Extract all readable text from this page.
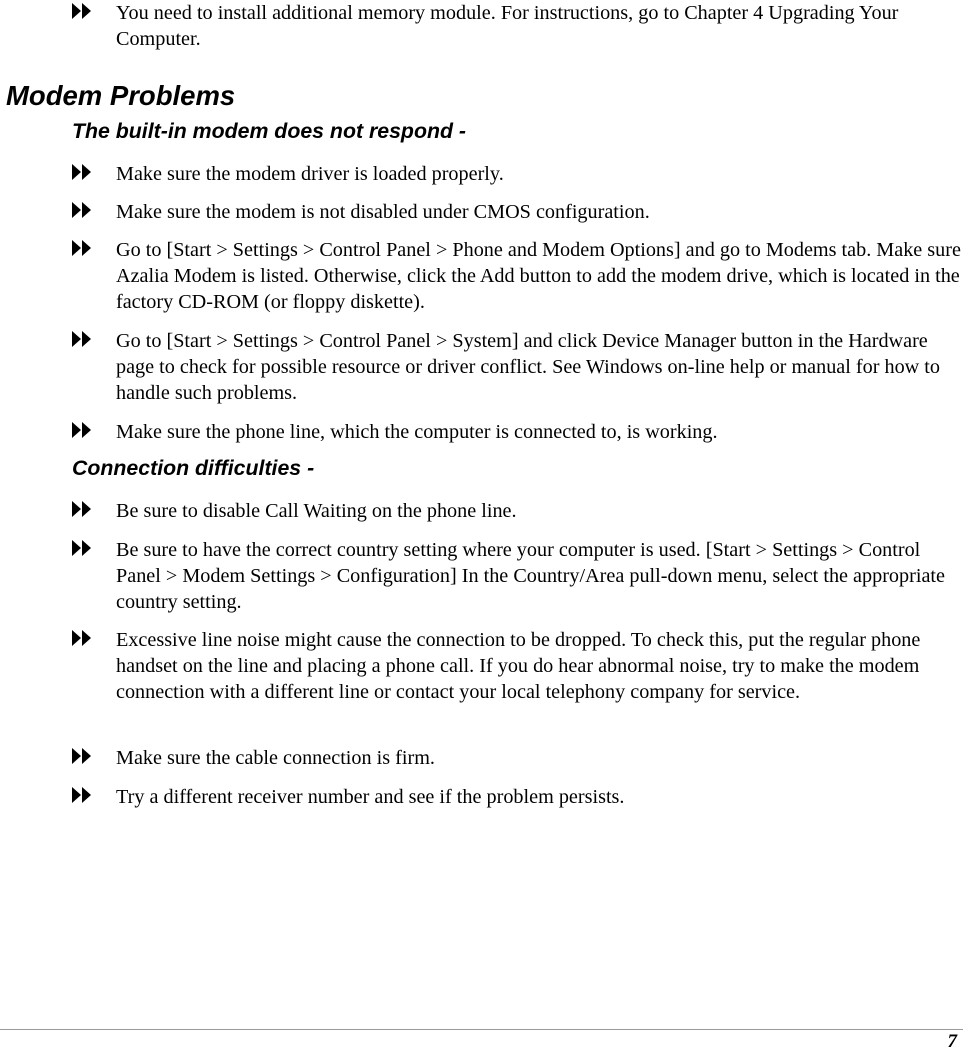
You need to install additional memory module. For instructions, go to Chapter 4 Upgrading Your Computer.

Modem Problems
The built-in modem does not respond -

Make sure the modem driver is loaded properly.

Make sure the modem is not disabled under CMOS configuration.

Go to [Start > Settings > Control Panel > Phone and Modem Options] and go to Modems tab. Make sure Azalia Modem is listed. Otherwise, click the Add button to add the modem drive, which is located in the factory CD-ROM (or floppy diskette).

Go to [Start > Settings > Control Panel > System] and click Device Manager button in the Hardware page to check for possible resource or driver conflict. See Windows on-line help or manual for how to handle such problems.

Make sure the phone line, which the computer is connected to, is working.

Connection difficulties -

Be sure to disable Call Waiting on the phone line.

Be sure to have the correct country setting where your computer is used. [Start > Settings > Control Panel > Modem Settings > Configuration] In the Country/Area pull-down menu, select the appropriate country setting.

Excessive line noise might cause the connection to be dropped. To check this, put the regular phone handset on the line and placing a phone call. If you do hear abnormal noise, try to make the modem connection with a different line or contact your local telephony company for service.

Make sure the cable connection is firm.

Try a different receiver number and see if the problem persists.

7
